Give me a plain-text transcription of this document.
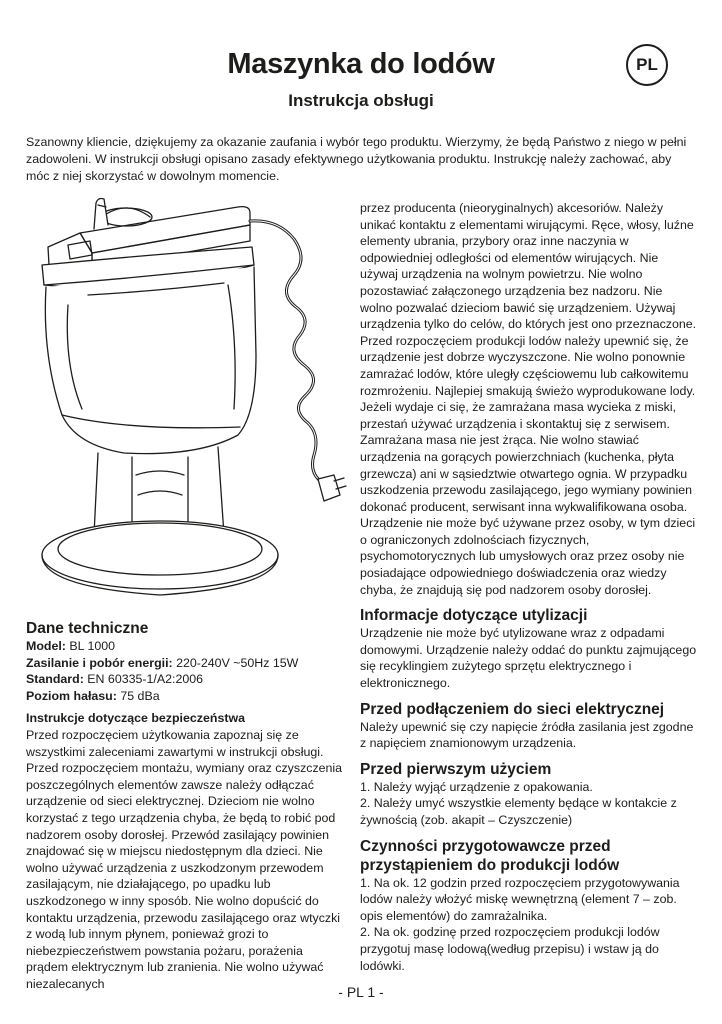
Maszynka do lodów
Instrukcja obsługi
PL

Szanowny kliencie, dziękujemy za okazanie zaufania i wybór tego produktu. Wierzymy, że będą Państwo z niego w pełni zadowoleni. W instrukcji obsługi opisano zasady efektywnego użytkowania produktu. Instrukcję należy zachować, aby móc z niej skorzystać w dowolnym momencie.

Dane techniczne

Model: BL 1000

Zasilanie i pobór energii: 220-240V ~50Hz 15W

Standard: EN 60335-1/A2:2006

Poziom hałasu: 75 dBa

Instrukcje dotyczące bezpieczeństwa

Przed rozpoczęciem użytkowania zapoznaj się ze wszystkimi zaleceniami zawartymi w instrukcji obsługi. Przed rozpoczęciem montażu, wymiany oraz czyszczenia poszczególnych elementów zawsze należy odłączać urządzenie od sieci elektrycznej. Dzieciom nie wolno korzystać z tego urządzenia chyba, że będą to robić pod nadzorem osoby dorosłej. Przewód zasilający powinien znajdować się w miejscu niedostępnym dla dzieci. Nie wolno używać urządzenia z uszkodzonym przewodem zasilającym, nie działającego, po upadku lub uszkodzonego w inny sposób. Nie wolno dopuścić do kontaktu urządzenia, przewodu zasilającego oraz wtyczki z wodą lub innym płynem, ponieważ grozi to niebezpieczeństwem powstania pożaru, porażenia prądem elektrycznym lub zranienia. Nie wolno używać niezalecanych

przez producenta (nieoryginalnych) akcesoriów. Należy unikać kontaktu z elementami wirującymi. Ręce, włosy, luźne elementy ubrania, przybory oraz inne naczynia w odpowiedniej odległości od elementów wirujących. Nie używaj urządzenia na wolnym powietrzu. Nie wolno pozostawiać załączonego urządzenia bez nadzoru. Nie wolno pozwalać dzieciom bawić się urządzeniem. Używaj urządzenia tylko do celów, do których jest ono przeznaczone. Przed rozpoczęciem produkcji lodów należy upewnić się, że urządzenie jest dobrze wyczyszczone. Nie wolno ponownie zamrażać lodów, które uległy częściowemu lub całkowitemu rozmrożeniu. Najlepiej smakują świeżo wyprodukowane lody. Jeżeli wydaje ci się, że zamrażana masa wycieka z miski, przestań używać urządzenia i skontaktuj się z serwisem. Zamrażana masa nie jest żrąca. Nie wolno stawiać urządzenia na gorących powierzchniach (kuchenka, płyta grzewcza) ani w sąsiedztwie otwartego ognia. W przypadku uszkodzenia przewodu zasilającego, jego wymiany powinien dokonać producent, serwisant inna wykwalifikowana osoba. Urządzenie nie może być używane przez osoby, w tym dzieci o ograniczonych zdolnościach fizycznych, psychomotorycznych lub umysłowych oraz przez osoby nie posiadające odpowiedniego doświadczenia oraz wiedzy chyba, że znajdują się pod nadzorem osoby dorosłej.

Informacje dotyczące utylizacji

Urządzenie nie może być utylizowane wraz z odpadami domowymi. Urządzenie należy oddać do punktu zajmującego się recyklingiem zużytego sprzętu elektrycznego i elektronicznego.

Przed podłączeniem do sieci elektrycznej

Należy upewnić się czy napięcie źródła zasilania jest zgodne z napięciem znamionowym urządzenia.

Przed pierwszym użyciem

1. Należy wyjąć urządzenie z opakowania.

2. Należy umyć wszystkie elementy będące w kontakcie z żywnością (zob. akapit – Czyszczenie)

Czynności przygotowawcze przed przystąpieniem do produkcji lodów

1. Na ok. 12 godzin przed rozpoczęciem przygotowywania lodów należy włożyć miskę wewnętrzną (element 7 – zob. opis elementów) do zamrażalnika.

2. Na ok. godzinę przed rozpoczęciem produkcji lodów przygotuj masę lodową(według przepisu) i wstaw ją do lodówki.

- PL 1 -
